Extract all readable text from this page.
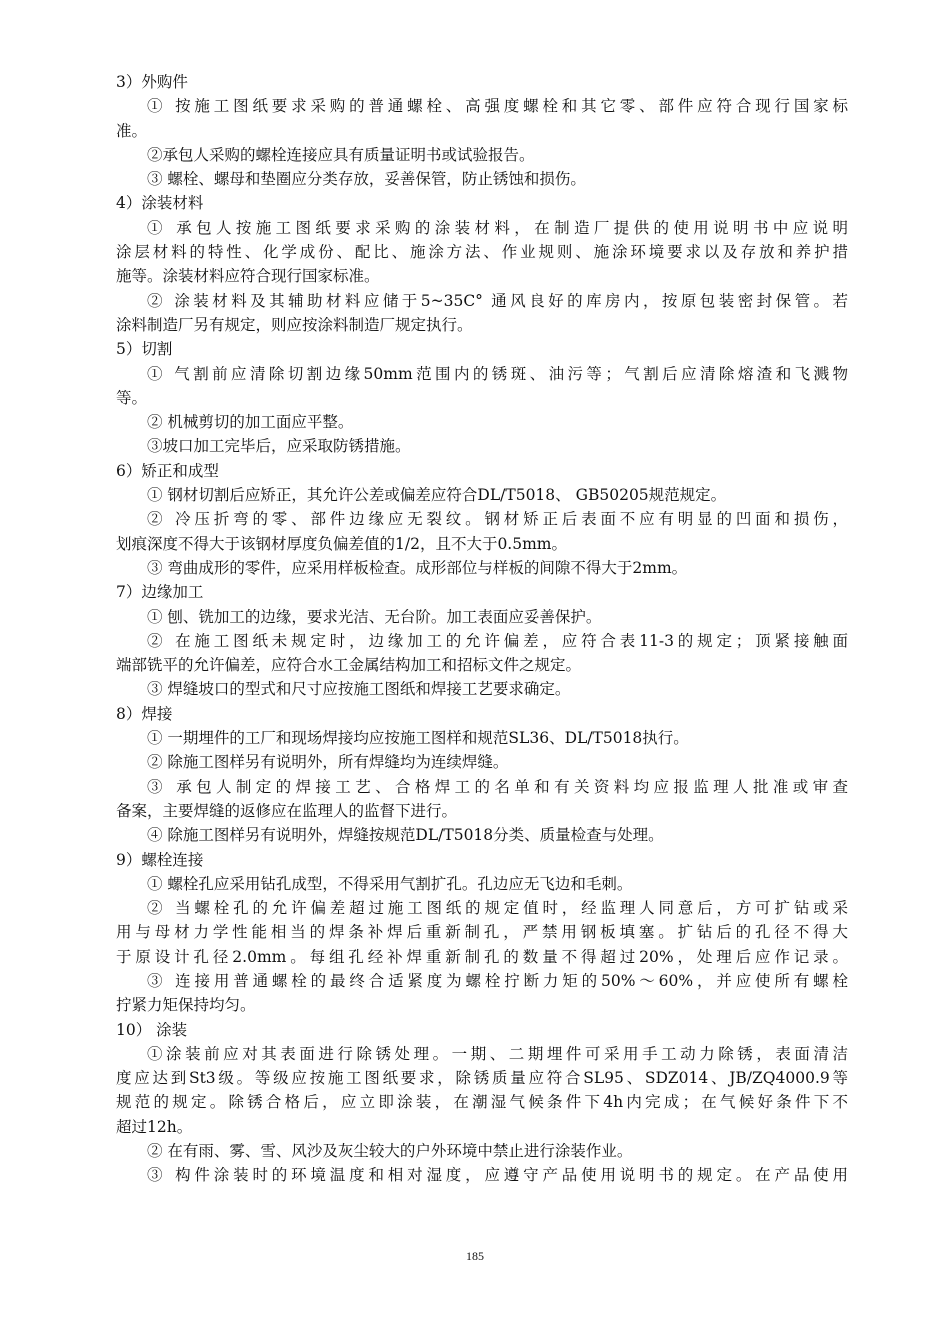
3）外购件
① 按施工图纸要求采购的普通螺栓、高强度螺栓和其它零、部件应符合现行国家标
准。
②承包人采购的螺栓连接应具有质量证明书或试验报告。
③ 螺栓、螺母和垫圈应分类存放，妥善保管，防止锈蚀和损伤。
4）涂装材料
① 承包人按施工图纸要求采购的涂装材料，在制造厂提供的使用说明书中应说明
涂层材料的特性、化学成份、配比、施涂方法、作业规则、施涂环境要求以及存放和养护措
施等。涂装材料应符合现行国家标准。
② 涂装材料及其辅助材料应储于5~35C° 通风良好的库房内，按原包装密封保管。若
涂料制造厂另有规定，则应按涂料制造厂规定执行。
5）切割
① 气割前应清除切割边缘50mm范围内的锈斑、油污等；气割后应清除熔渣和飞溅物
等。
② 机械剪切的加工面应平整。
③坡口加工完毕后，应采取防锈措施。
6）矫正和成型
① 钢材切割后应矫正，其允许公差或偏差应符合DL/T5018、 GB50205规范规定。
② 冷压折弯的零、部件边缘应无裂纹。钢材矫正后表面不应有明显的凹面和损伤，
划痕深度不得大于该钢材厚度负偏差值的1/2，且不大于0.5mm。
③ 弯曲成形的零件，应采用样板检查。成形部位与样板的间隙不得大于2mm。
7）边缘加工
① 刨、铣加工的边缘，要求光洁、无台阶。加工表面应妥善保护。
② 在施工图纸未规定时，边缘加工的允许偏差，应符合表11-3的规定；顶紧接触面
端部铣平的允许偏差，应符合水工金属结构加工和招标文件之规定。
③ 焊缝坡口的型式和尺寸应按施工图纸和焊接工艺要求确定。
8）焊接
① 一期埋件的工厂和现场焊接均应按施工图样和规范SL36、DL/T5018执行。
② 除施工图样另有说明外，所有焊缝均为连续焊缝。
③ 承包人制定的焊接工艺、合格焊工的名单和有关资料均应报监理人批准或审查
备案，主要焊缝的返修应在监理人的监督下进行。
④ 除施工图样另有说明外，焊缝按规范DL/T5018分类、质量检查与处理。
9）螺栓连接
① 螺栓孔应采用钻孔成型，不得采用气割扩孔。孔边应无飞边和毛刺。
② 当螺栓孔的允许偏差超过施工图纸的规定值时，经监理人同意后，方可扩钻或采
用与母材力学性能相当的焊条补焊后重新制孔，严禁用钢板填塞。扩钻后的孔径不得大
于原设计孔径2.0mm。每组孔经补焊重新制孔的数量不得超过20%，处理后应作记录。
③ 连接用普通螺栓的最终合适紧度为螺栓拧断力矩的50%～60%，并应使所有螺栓
拧紧力矩保持均匀。
10） 涂装
①涂装前应对其表面进行除锈处理。一期、二期埋件可采用手工动力除锈，表面清洁
度应达到St3级。等级应按施工图纸要求，除锈质量应符合SL95、SDZ014、JB/ZQ4000.9等
规范的规定。除锈合格后，应立即涂装，在潮湿气候条件下4h内完成；在气候好条件下不
超过12h。
② 在有雨、雾、雪、风沙及灰尘较大的户外环境中禁止进行涂装作业。
③ 构件涂装时的环境温度和相对湿度，应遵守产品使用说明书的规定。在产品使用
185
